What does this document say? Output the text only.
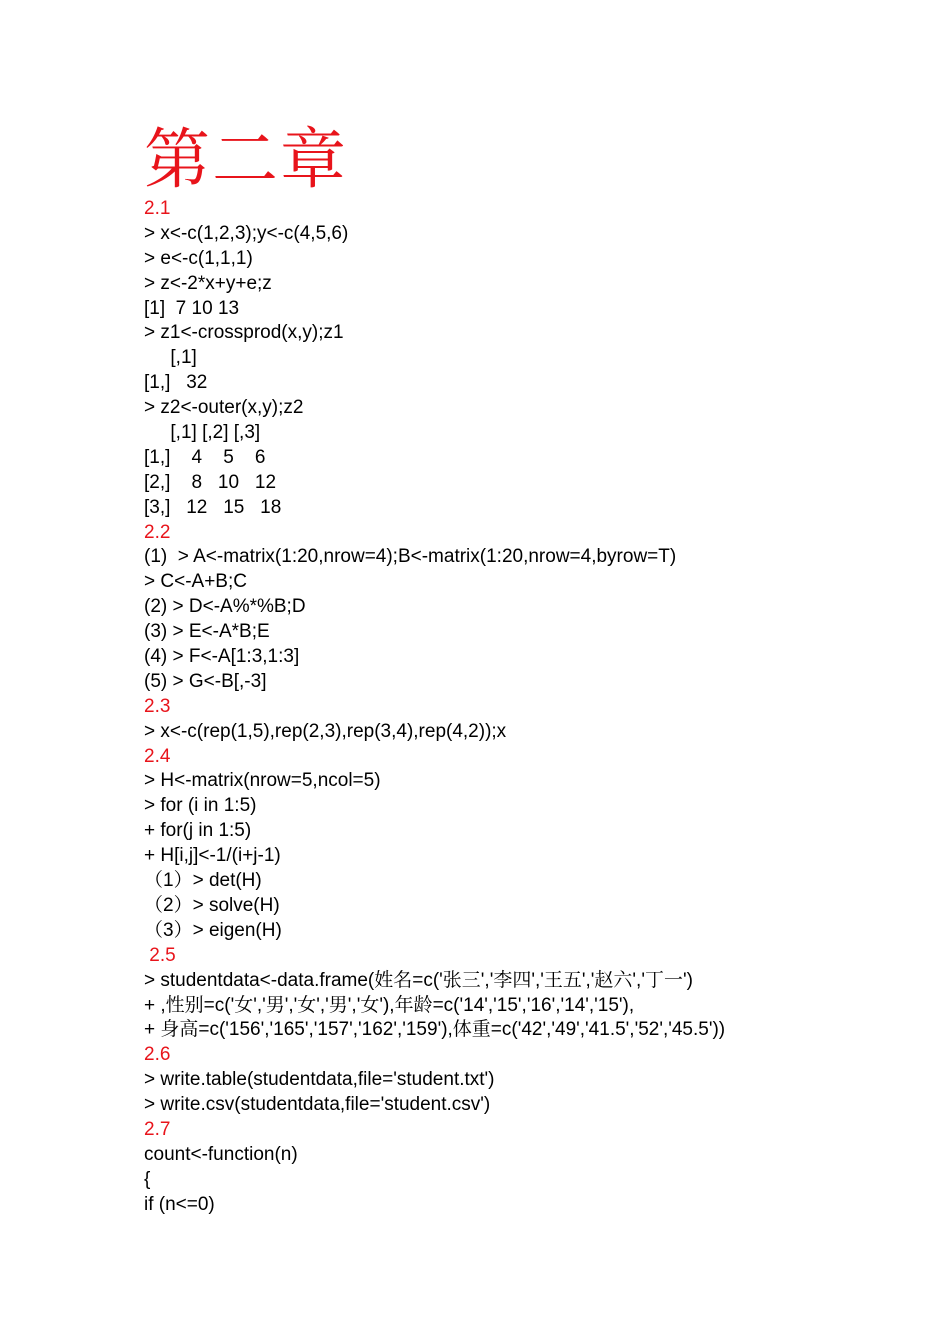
第二章
2.1
> x<-c(1,2,3);y<-c(4,5,6)
> e<-c(1,1,1)
> z<-2*x+y+e;z
[1]  7 10 13
> z1<-crossprod(x,y);z1
[,1]
[1,]   32
> z2<-outer(x,y);z2
[,1] [,2] [,3]
[1,]    4    5    6
[2,]    8   10   12
[3,]   12   15   18
2.2
(1)  > A<-matrix(1:20,nrow=4);B<-matrix(1:20,nrow=4,byrow=T)
> C<-A+B;C
(2) > D<-A%*%B;D
(3) > E<-A*B;E
(4) > F<-A[1:3,1:3]
(5) > G<-B[,-3]
2.3
> x<-c(rep(1,5),rep(2,3),rep(3,4),rep(4,2));x
2.4
> H<-matrix(nrow=5,ncol=5)
> for (i in 1:5)
+ for(j in 1:5)
+ H[i,j]<-1/(i+j-1)
（1）> det(H)
（2）> solve(H)
（3）> eigen(H)
2.5
> studentdata<-data.frame(姓名=c('张三','李四','王五','赵六','丁一')
+ ,性别=c('女','男','女','男','女'),年龄=c('14','15','16','14','15'),
+ 身高=c('156','165','157','162','159'),体重=c('42','49','41.5','52','45.5'))
2.6
> write.table(studentdata,file='student.txt')
> write.csv(studentdata,file='student.csv')
2.7
count<-function(n)
{
if (n<=0)
